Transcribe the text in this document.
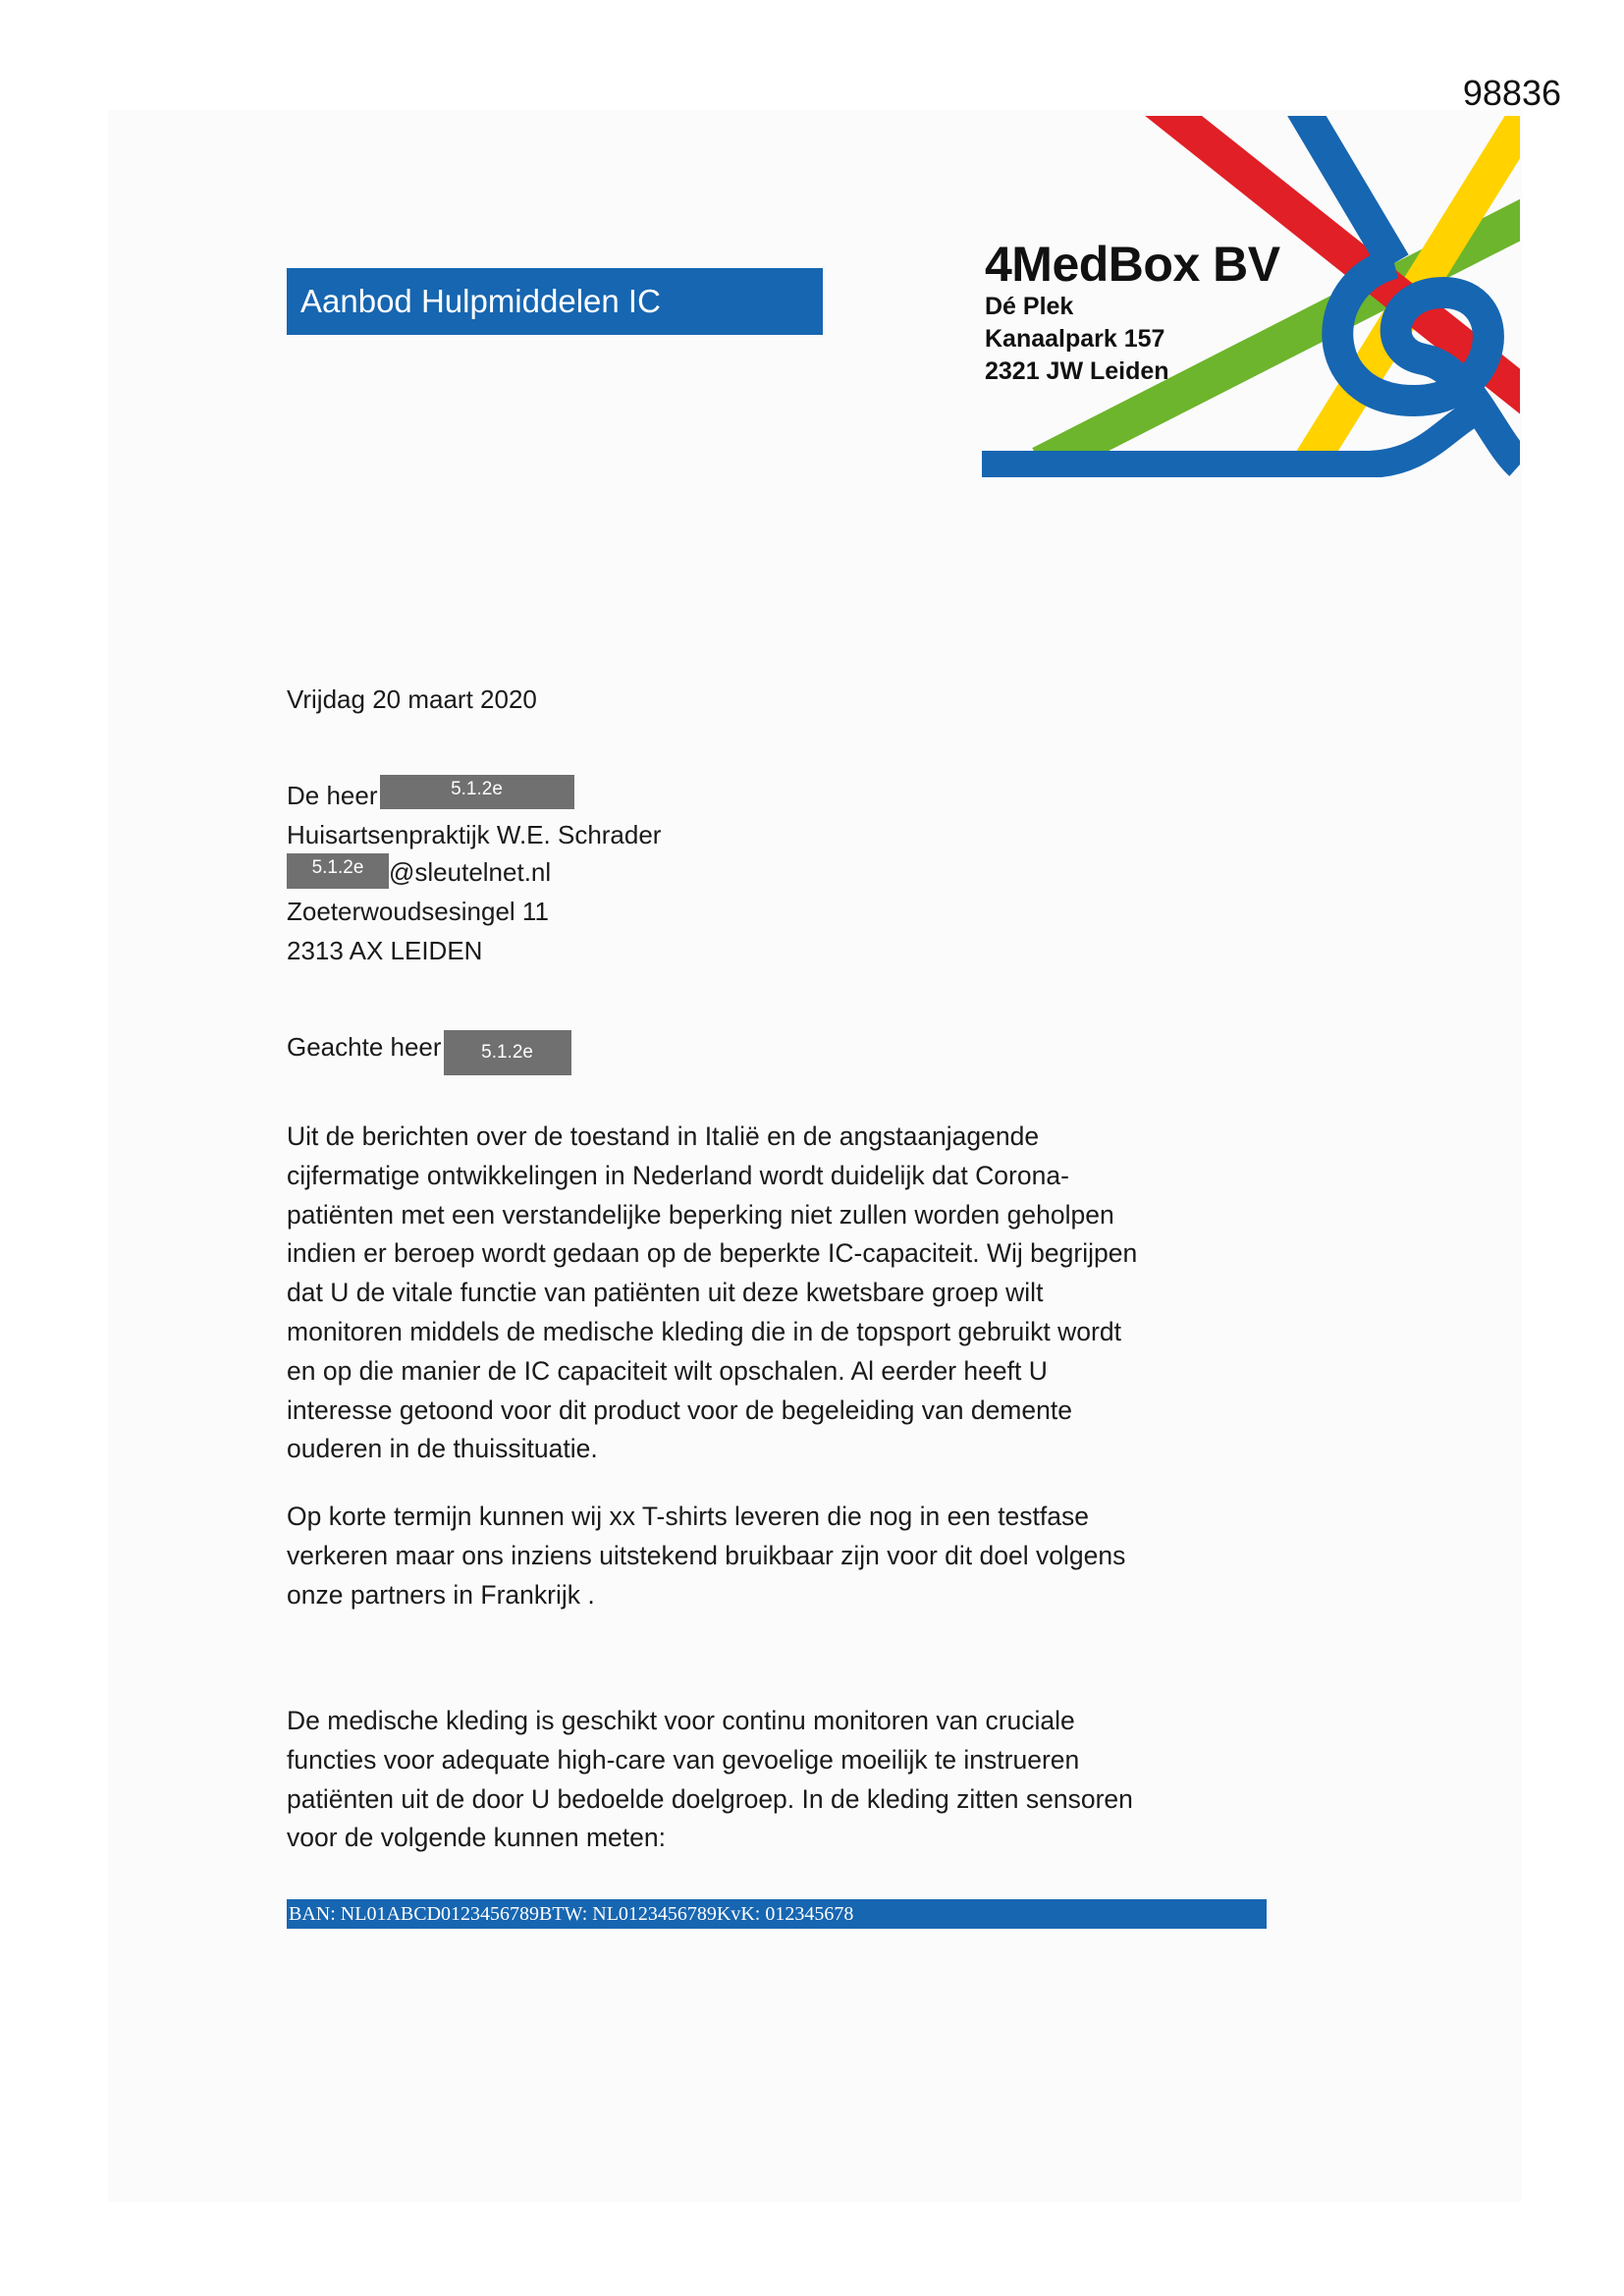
98836
Aanbod Hulpmiddelen IC
4MedBox BV
Dé Plek
Kanaalpark 157
2321 JW Leiden
Vrijdag 20 maart 2020
De heer	5.1.2e
Huisartsenpraktijk W.E. Schrader
5.1.2e @sleutelnet.nl
Zoeterwoudsesingel 11
2313 AX LEIDEN
Geachte heer 5.1.2e
Uit de berichten over de toestand in Italië en de angstaanjagende
cijfermatige ontwikkelingen in Nederland wordt duidelijk dat Corona-
patiënten met een verstandelijke beperking niet zullen worden geholpen
indien er beroep wordt gedaan op de beperkte IC-capaciteit. Wij begrijpen
dat U de vitale functie van patiënten uit deze kwetsbare groep wilt
monitoren middels de medische kleding die in de topsport gebruikt wordt
en op die manier de IC capaciteit wilt opschalen. Al eerder heeft U
interesse getoond voor dit product voor de begeleiding van demente
ouderen in de thuissituatie.
Op korte termijn kunnen wij xx T-shirts leveren die nog in een testfase
verkeren maar ons inziens uitstekend bruikbaar zijn voor dit doel volgens
onze partners in Frankrijk .
De medische kleding is geschikt voor continu monitoren van cruciale
functies voor adequate high-care van gevoelige moeilijk te instrueren
patiënten uit de door U bedoelde doelgroep. In de kleding zitten sensoren
voor de volgende kunnen meten:
BAN: NL01ABCD0123456789BTW: NL0123456789KvK: 012345678
